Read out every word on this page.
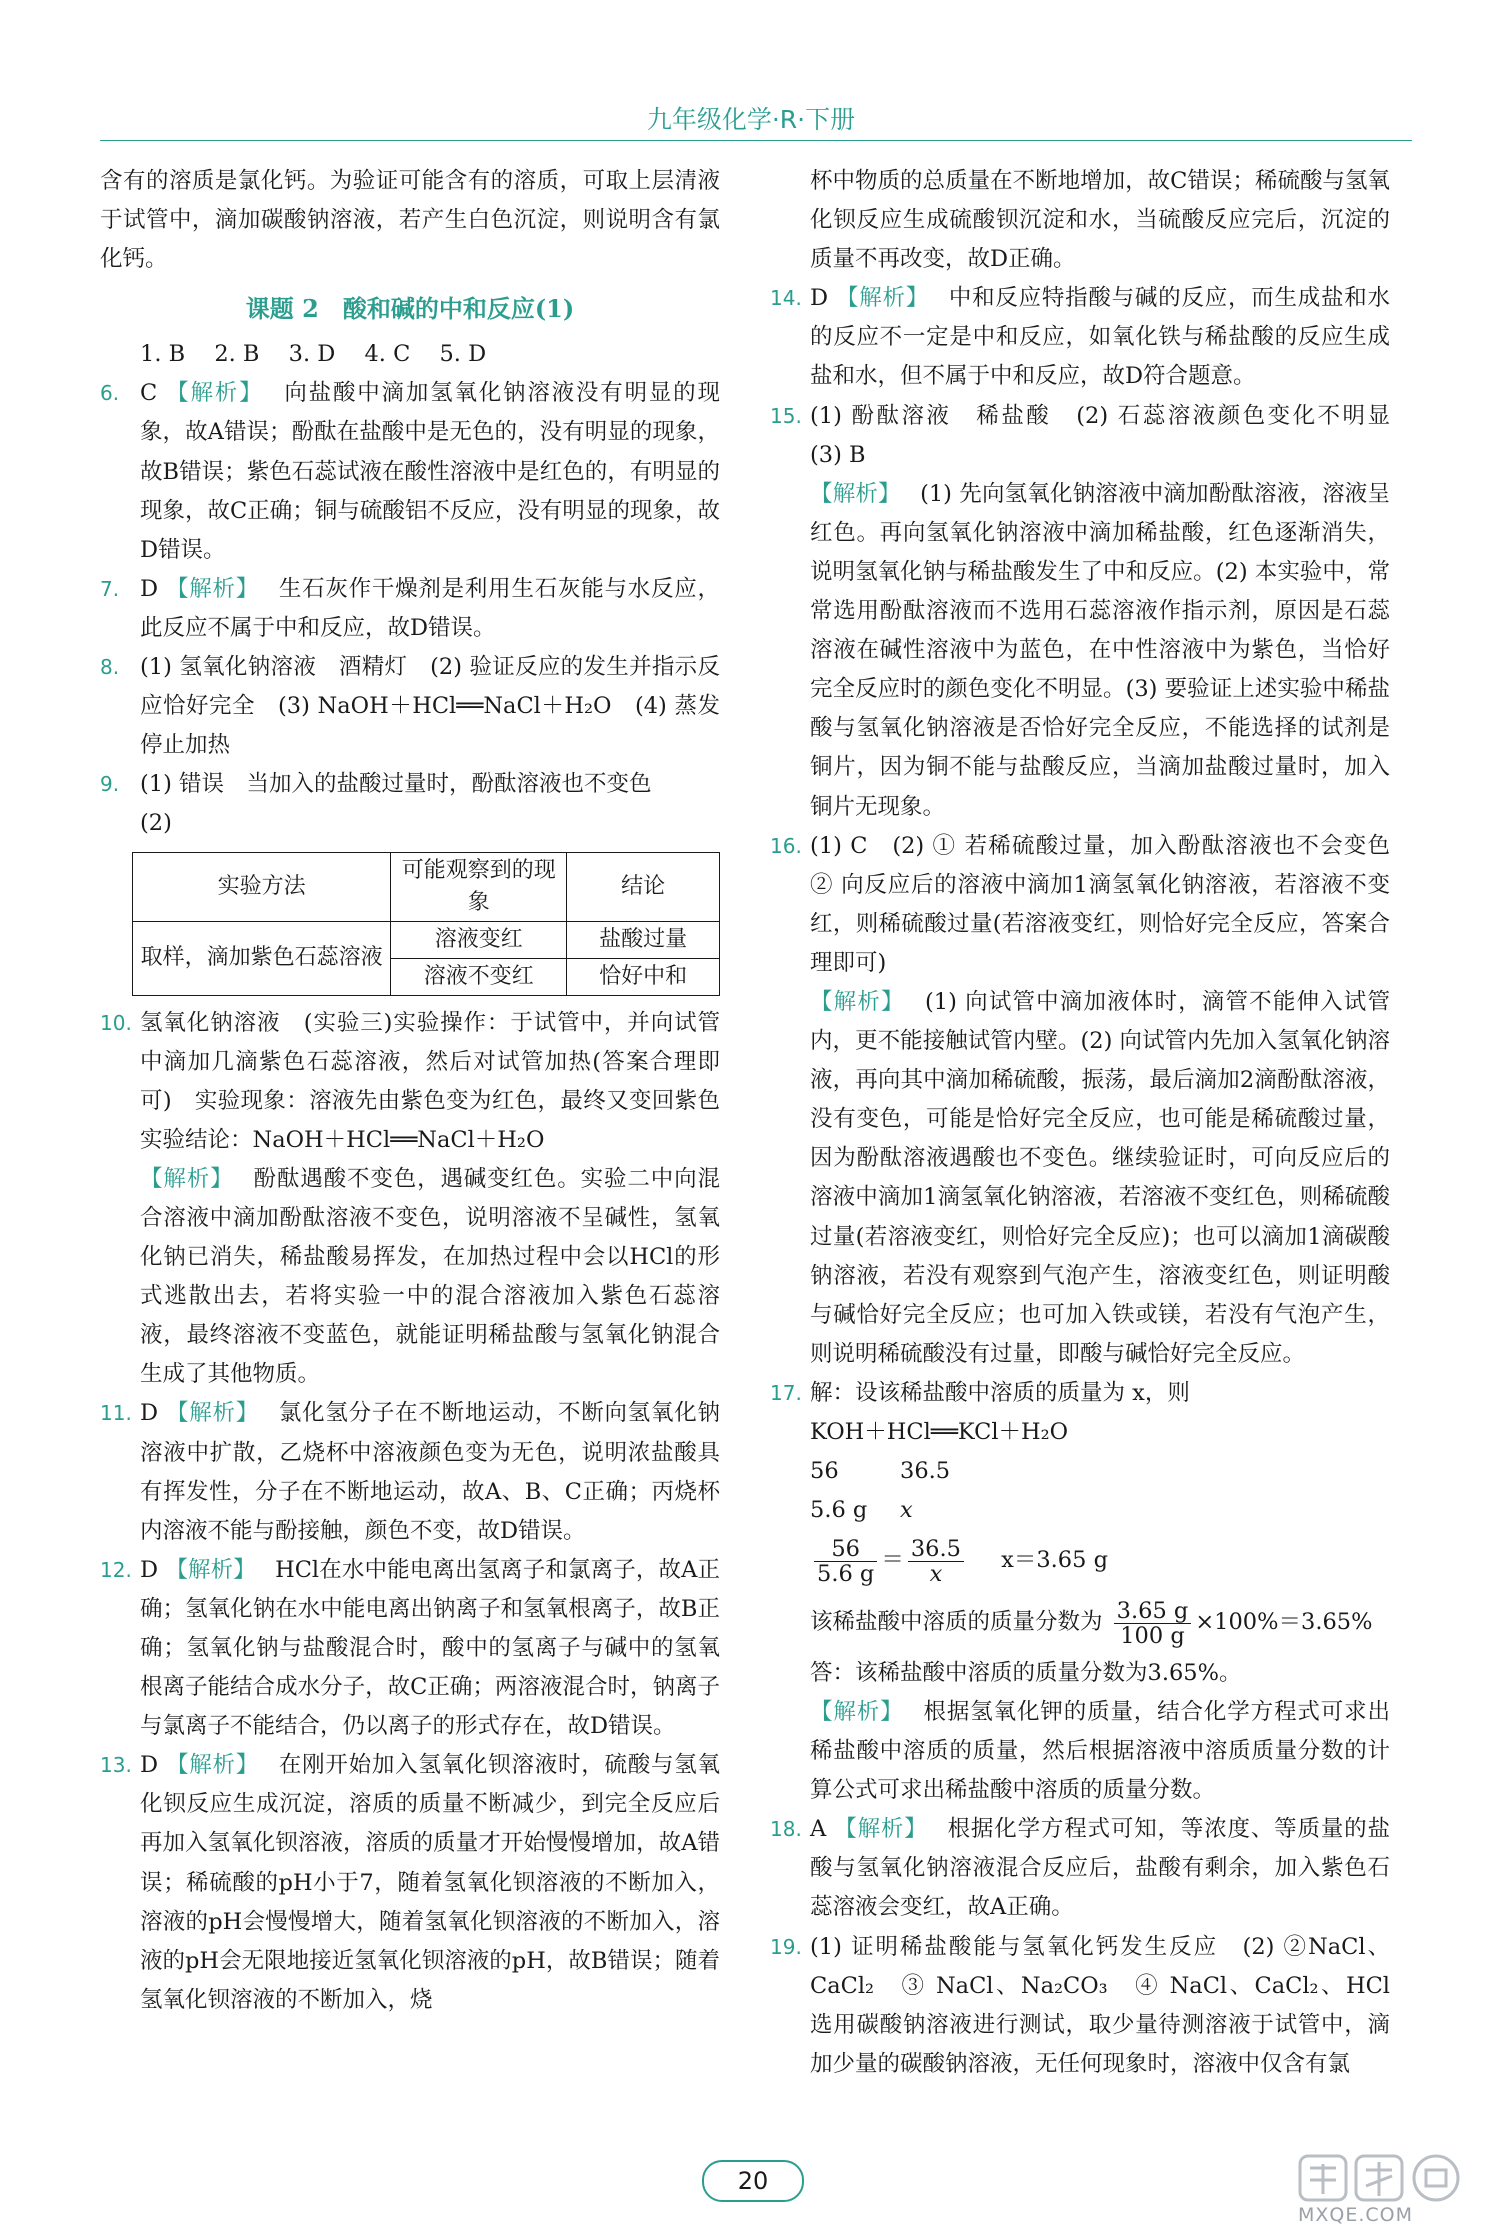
九年级化学·R·下册

含有的溶质是氯化钙。为验证可能含有的溶质，可取上层清液于试管中，滴加碳酸钠溶液，若产生白色沉淀，则说明含有氯化钙。

课题 2　酸和碱的中和反应(1)

1. B 2. B 3. D 4. C 5. D

6. C 【 解析 】 向盐酸中滴加氢氧化钠溶液没有明显的现象，故A错误；酚酞在盐酸中是无色的，没有明显的现象，故B错误；紫色石蕊试液在酸性溶液中是红色的，有明显的现象，故C正确；铜与硫酸铝不反应，没有明显的现象，故D错误。

7. D 【 解析 】 生石灰作干燥剂是利用生石灰能与水反应，此反应不属于中和反应，故D错误。

8. (1) 氢氧化钠溶液　酒精灯　(2) 验证反应的发生并指示反应恰好完全　(3) NaOH＋HCl══NaCl＋H₂O　(4) 蒸发　停止加热

9. (1) 错误　当加入的盐酸过量时，酚酞溶液也不变色
(2)

实验方法	可能观察到的现象	结论
取样，滴加紫色石蕊溶液	溶液变红	盐酸过量
	溶液不变红	恰好中和

10. 氢氧化钠溶液　(实验三)实验操作：于试管中，并向试管中滴加几滴紫色石蕊溶液，然后对试管加热(答案合理即可)　实验现象：溶液先由紫色变为红色，最终又变回紫色　实验结论：NaOH＋HCl══NaCl＋H₂O
【 解析 】 酚酞遇酸不变色，遇碱变红色。实验二中向混合溶液中滴加酚酞溶液不变色，说明溶液不呈碱性，氢氧化钠已消失，稀盐酸易挥发，在加热过程中会以HCl的形式逃散出去，若将实验一中的混合溶液加入紫色石蕊溶液，最终溶液不变蓝色，就能证明稀盐酸与氢氧化钠混合生成了其他物质。

11. D 【 解析 】 氯化氢分子在不断地运动，不断向氢氧化钠溶液中扩散，乙烧杯中溶液颜色变为无色，说明浓盐酸具有挥发性，分子在不断地运动，故A、B、C正确；丙烧杯内溶液不能与酚接触，颜色不变，故D错误。

12. D 【 解析 】 HCl在水中能电离出氢离子和氯离子，故A正确；氢氧化钠在水中能电离出钠离子和氢氧根离子，故B正确；氢氧化钠与盐酸混合时，酸中的氢离子与碱中的氢氧根离子能结合成水分子，故C正确；两溶液混合时，钠离子与氯离子不能结合，仍以离子的形式存在，故D错误。

13. D 【 解析 】 在刚开始加入氢氧化钡溶液时，硫酸与氢氧化钡反应生成沉淀，溶质的质量不断减少，到完全反应后再加入氢氧化钡溶液，溶质的质量才开始慢慢增加，故A错误；稀硫酸的pH小于7，随着氢氧化钡溶液的不断加入，溶液的pH会慢慢增大，随着氢氧化钡溶液的不断加入，溶液的pH会无限地接近氢氧化钡溶液的pH，故B错误；随着氢氧化钡溶液的不断加入，烧

杯中物质的总质量在不断地增加，故C错误；稀硫酸与氢氧化钡反应生成硫酸钡沉淀和水，当硫酸反应完后，沉淀的质量不再改变，故D正确。

14. D 【 解析 】 中和反应特指酸与碱的反应，而生成盐和水的反应不一定是中和反应，如氧化铁与稀盐酸的反应生成盐和水，但不属于中和反应，故D符合题意。

15. (1) 酚酞溶液　稀盐酸　(2) 石蕊溶液颜色变化不明显　(3) B
【 解析 】 (1) 先向氢氧化钠溶液中滴加酚酞溶液，溶液呈红色。再向氢氧化钠溶液中滴加稀盐酸，红色逐渐消失，说明氢氧化钠与稀盐酸发生了中和反应。(2) 本实验中，常常选用酚酞溶液而不选用石蕊溶液作指示剂，原因是石蕊溶液在碱性溶液中为蓝色，在中性溶液中为紫色，当恰好完全反应时的颜色变化不明显。(3) 要验证上述实验中稀盐酸与氢氧化钠溶液是否恰好完全反应，不能选择的试剂是铜片，因为铜不能与盐酸反应，当滴加盐酸过量时，加入铜片无现象。

16. (1) C　(2) ① 若稀硫酸过量，加入酚酞溶液也不会变色　② 向反应后的溶液中滴加1滴氢氧化钠溶液，若溶液不变红，则稀硫酸过量(若溶液变红，则恰好完全反应，答案合理即可)
【 解析 】 (1) 向试管中滴加液体时，滴管不能伸入试管内，更不能接触试管内壁。(2) 向试管内先加入氢氧化钠溶液，再向其中滴加稀硫酸，振荡，最后滴加2滴酚酞溶液，没有变色，可能是恰好完全反应，也可能是稀硫酸过量，因为酚酞溶液遇酸也不变色。继续验证时，可向反应后的溶液中滴加1滴氢氧化钠溶液，若溶液不变红色，则稀硫酸过量(若溶液变红，则恰好完全反应)；也可以滴加1滴碳酸钠溶液，若没有观察到气泡产生，溶液变红色，则证明酸与碱恰好完全反应；也可加入铁或镁，若没有气泡产生，则说明稀硫酸没有过量，即酸与碱恰好完全反应。

17. 解：设该稀盐酸中溶质的质量为 x，则

KOH＋HCl══KCl＋H₂O
56	36.5
5.6 g x
$\frac{56}{5.6 g} = \frac{36.5}{x} x=3.65$ g
该稀盐酸中溶质的质量分数为 $\frac{3.65 g}{100 g} \times 100\%=3.65\%$
答：该稀盐酸中溶质的质量分数为3.65%。

【 解析 】 根据氢氧化钾的质量，结合化学方程式可求出稀盐酸中溶质的质量，然后根据溶液中溶质质量分数的计算公式可求出稀盐酸中溶质的质量分数。

18. A 【 解析 】 根据化学方程式可知，等浓度、等质量的盐酸与氢氧化钠溶液混合反应后，盐酸有剩余，加入紫色石蕊溶液会变红，故A正确。

19. (1) 证明稀盐酸能与氢氧化钙发生反应　(2) ②NaCl、CaCl₂　③ NaCl、Na₂CO₃　④ NaCl、CaCl₂、HCl　选用碳酸钠溶液进行测试，取少量待测溶液于试管中，滴加少量的碳酸钠溶液，无任何现象时，溶液中仅含有氯

20
MXQE.COM
